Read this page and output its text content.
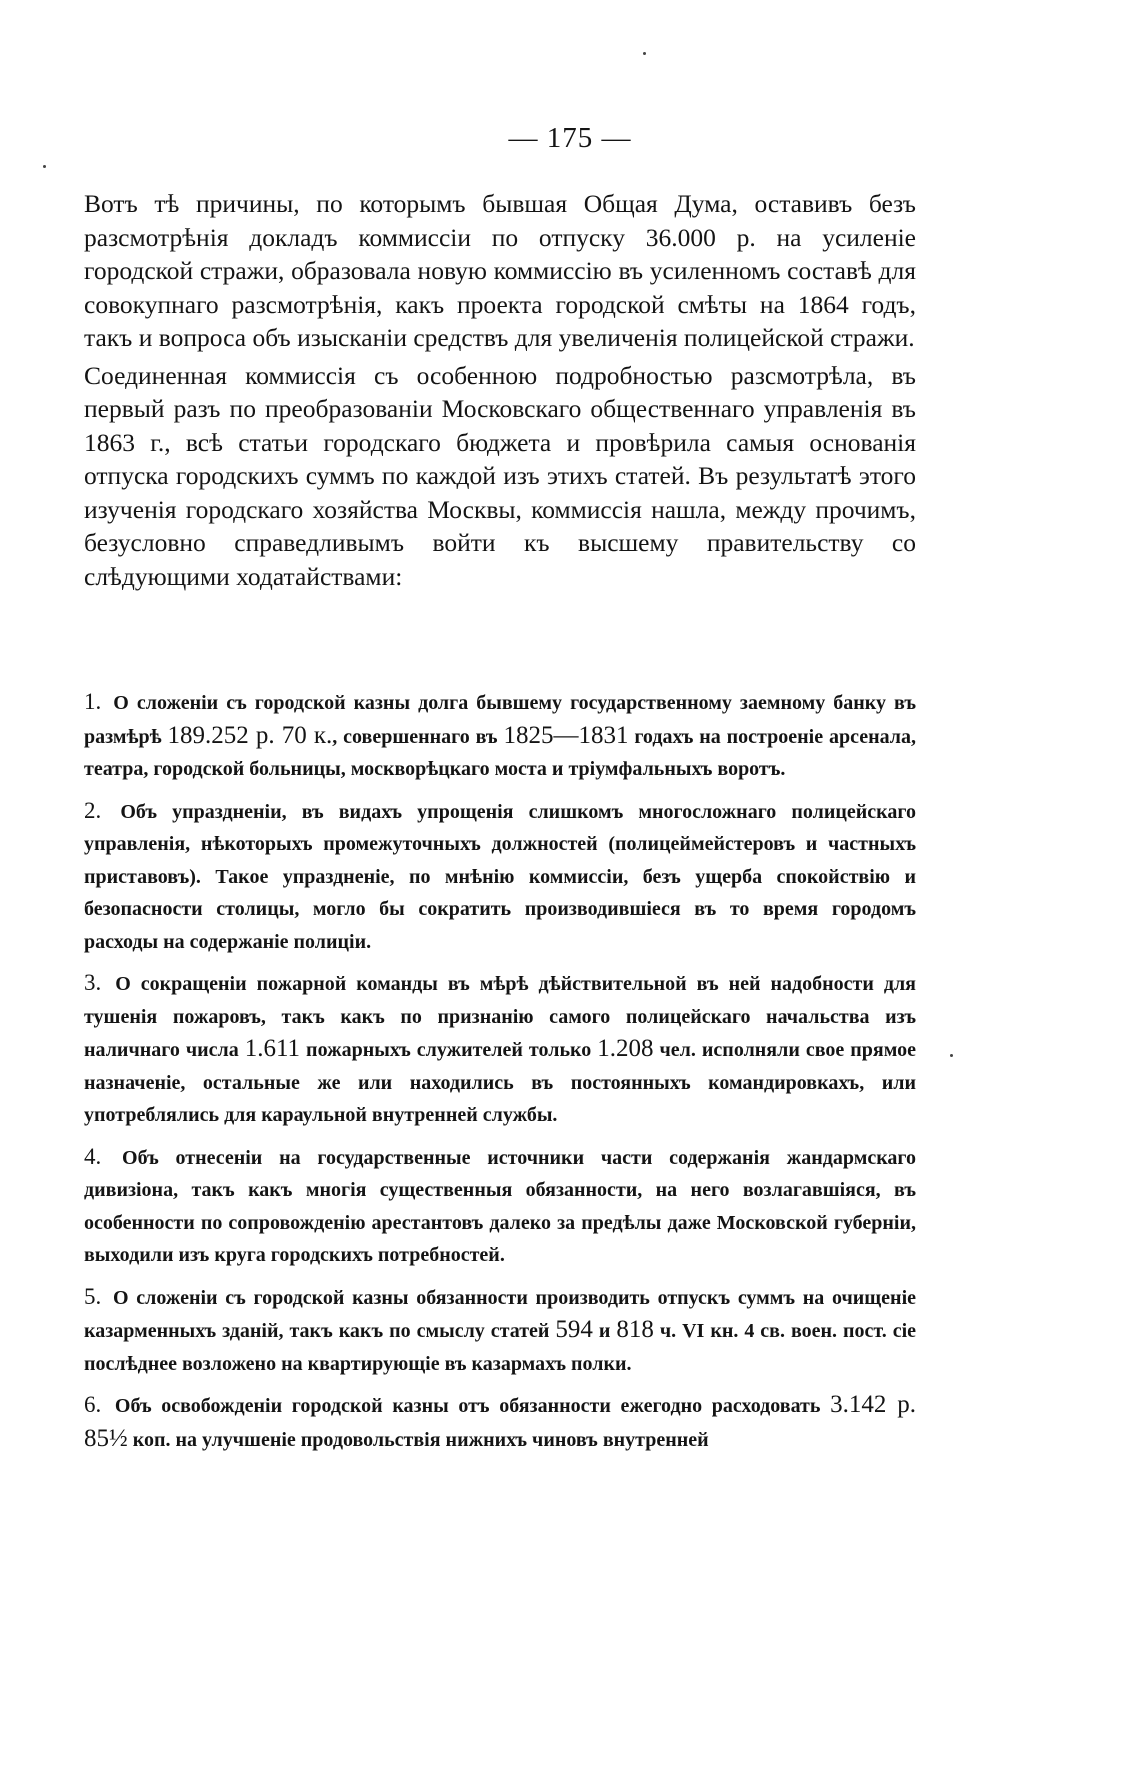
— 175 —

Вотъ тѣ причины, по которымъ бывшая Общая Дума, оставивъ безъ разсмотрѣнія докладъ коммиссіи по отпуску 36.000 р. на усиленіе городской стражи, образовала новую коммиссію въ усиленномъ составѣ для совокупнаго разсмотрѣнія, какъ проекта городской смѣты на 1864 годъ, такъ и вопроса объ изысканіи средствъ для увеличенія полицейской стражи.

Соединенная коммиссія съ особенною подробностью разсмотрѣла, въ первый разъ по преобразованіи Московскаго общественнаго управленія въ 1863 г., всѣ статьи городскаго бюджета и провѣрила самыя основанія отпуска городскихъ суммъ по каждой изъ этихъ статей. Въ результатѣ этого изученія городскаго хозяйства Москвы, коммиссія нашла, между прочимъ, безусловно справедливымъ войти къ высшему правительству со слѣдующими ходатайствами:

1. О сложеніи съ городской казны долга бывшему государственному заемному банку въ размѣрѣ 189.252 р. 70 к., совершеннаго въ 1825—1831 годахъ на построеніе арсенала, театра, городской больницы, москворѣцкаго моста и тріумфальныхъ воротъ.
2. Объ упраздненіи, въ видахъ упрощенія слишкомъ многосложнаго полицейскаго управленія, нѣкоторыхъ промежуточныхъ должностей (полицеймейстеровъ и частныхъ приставовъ). Такое упраздненіе, по мнѣнію коммиссіи, безъ ущерба спокойствію и безопасности столицы, могло бы сократить производившіеся въ то время городомъ расходы на содержаніе полиціи.
3. О сокращеніи пожарной команды въ мѣрѣ дѣйствительной въ ней надобности для тушенія пожаровъ, такъ какъ по признанію самого полицейскаго начальства изъ наличнаго числа 1.611 пожарныхъ служителей только 1.208 чел. исполняли свое прямое назначеніе, остальные же или находились въ постоянныхъ командировкахъ, или употреблялись для караульной внутренней службы.
4. Объ отнесеніи на государственные источники части содержанія жандармскаго дивизіона, такъ какъ многія существенныя обязанности, на него возлагавшіяся, въ особенности по сопровожденію арестантовъ далеко за предѣлы даже Московской губерніи, выходили изъ круга городскихъ потребностей.
5. О сложеніи съ городской казны обязанности производить отпускъ суммъ на очищеніе казарменныхъ зданій, такъ какъ по смыслу статей 594 и 818 ч. VI кн. 4 св. воен. пост. сіе послѣднее возложено на квартирующіе въ казармахъ полки.
6. Объ освобожденіи городской казны отъ обязанности ежегодно расходовать 3.142 р. 85½ коп. на улучшеніе продовольствія нижнихъ чиновъ внутренней
